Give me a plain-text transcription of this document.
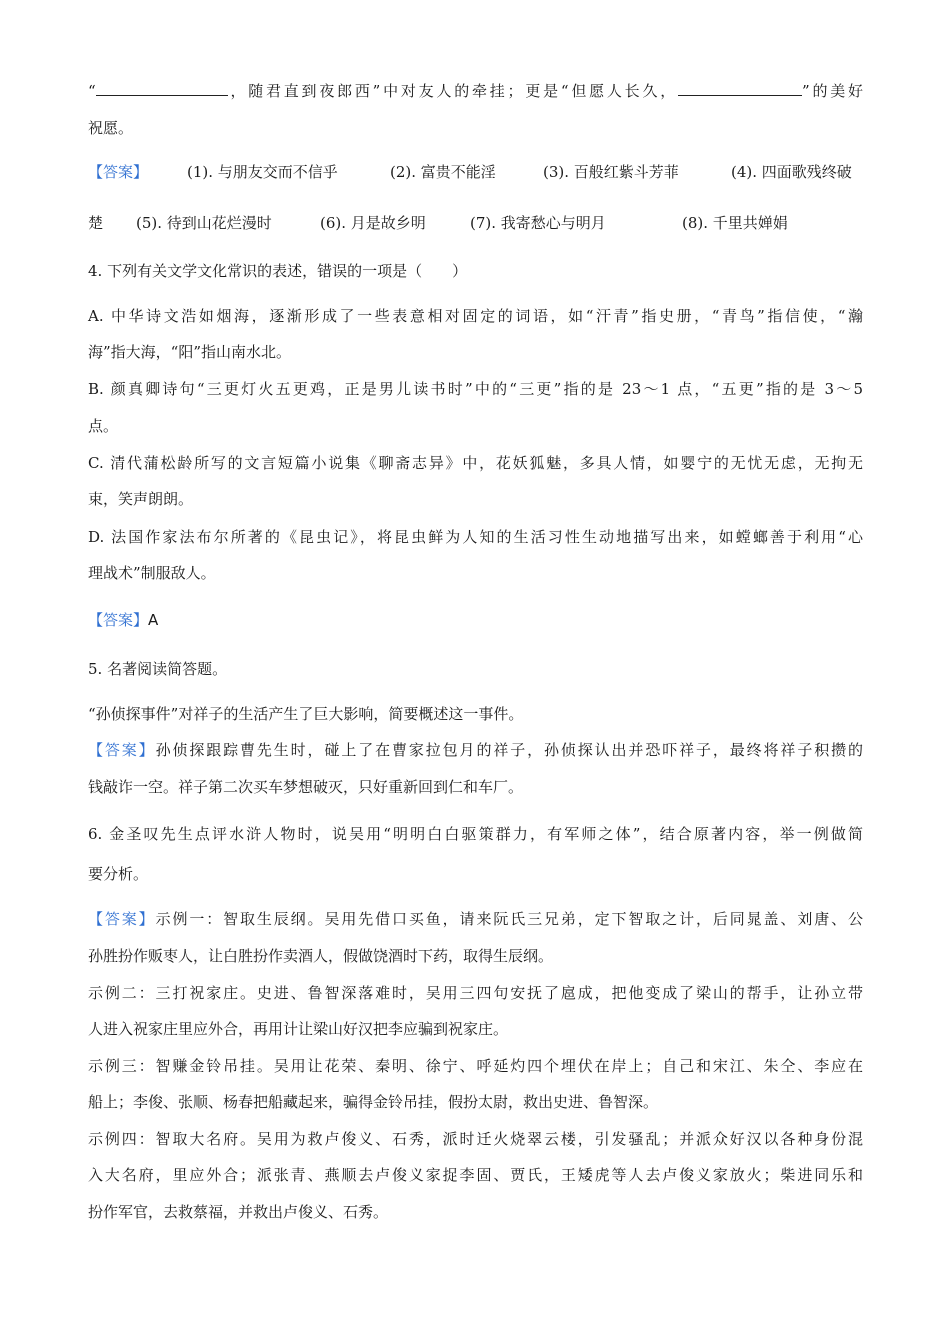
“	，随君直到夜郎西”中对友人的牵挂；更是“但愿人长久，	”的美好
祝愿。
【答案】	(1). 与朋友交而不信乎	(2). 富贵不能淫	(3). 百般红紫斗芳菲	(4). 四面歌残终破
楚 (5). 待到山花烂漫时	(6). 月是故乡明	(7). 我寄愁心与明月	(8). 千里共婵娟
4. 下列有关文学文化常识的表述，错误的一项是（　　）
A. 中华诗文浩如烟海，逐渐形成了一些表意相对固定的词语，如“汗青”指史册，“青鸟”指信使，“瀚
海”指大海，“阳”指山南水北。
B. 颜真卿诗句“三更灯火五更鸡，正是男儿读书时”中的“三更”指的是 23～1 点，“五更”指的是 3～5
点。
C. 清代蒲松龄所写的文言短篇小说集《聊斋志异》中，花妖狐魅，多具人情，如婴宁的无忧无虑，无拘无
束，笑声朗朗。
D. 法国作家法布尔所著的《昆虫记》，将昆虫鲜为人知的生活习性生动地描写出来，如螳螂善于利用“心
理战术”制服敌人。
【答案】A
5. 名著阅读简答题。
“孙侦探事件”对祥子的生活产生了巨大影响，简要概述这一事件。
【答案】孙侦探跟踪曹先生时，碰上了在曹家拉包月的祥子，孙侦探认出并恐吓祥子，最终将祥子积攒的
钱敲诈一空。祥子第二次买车梦想破灭，只好重新回到仁和车厂。
6. 金圣叹先生点评水浒人物时，说吴用“明明白白驱策群力，有军师之体”，结合原著内容，举一例做简
要分析。
【答案】示例一：智取生辰纲。吴用先借口买鱼，请来阮氏三兄弟，定下智取之计，后同晁盖、刘唐、公
孙胜扮作贩枣人，让白胜扮作卖酒人，假做饶酒时下药，取得生辰纲。
示例二：三打祝家庄。史进、鲁智深落难时，吴用三四句安抚了扈成，把他变成了梁山的帮手，让孙立带
人进入祝家庄里应外合，再用计让梁山好汉把李应骗到祝家庄。
示例三：智赚金铃吊挂。吴用让花荣、秦明、徐宁、呼延灼四个埋伏在岸上；自己和宋江、朱仝、李应在
船上；李俊、张顺、杨春把船藏起来，骗得金铃吊挂，假扮太尉，救出史进、鲁智深。
示例四：智取大名府。吴用为救卢俊义、石秀，派时迁火烧翠云楼，引发骚乱；并派众好汉以各种身份混
入大名府，里应外合；派张青、燕顺去卢俊义家捉李固、贾氏，王矮虎等人去卢俊义家放火；柴进同乐和
扮作军官，去救蔡福，并救出卢俊义、石秀。
